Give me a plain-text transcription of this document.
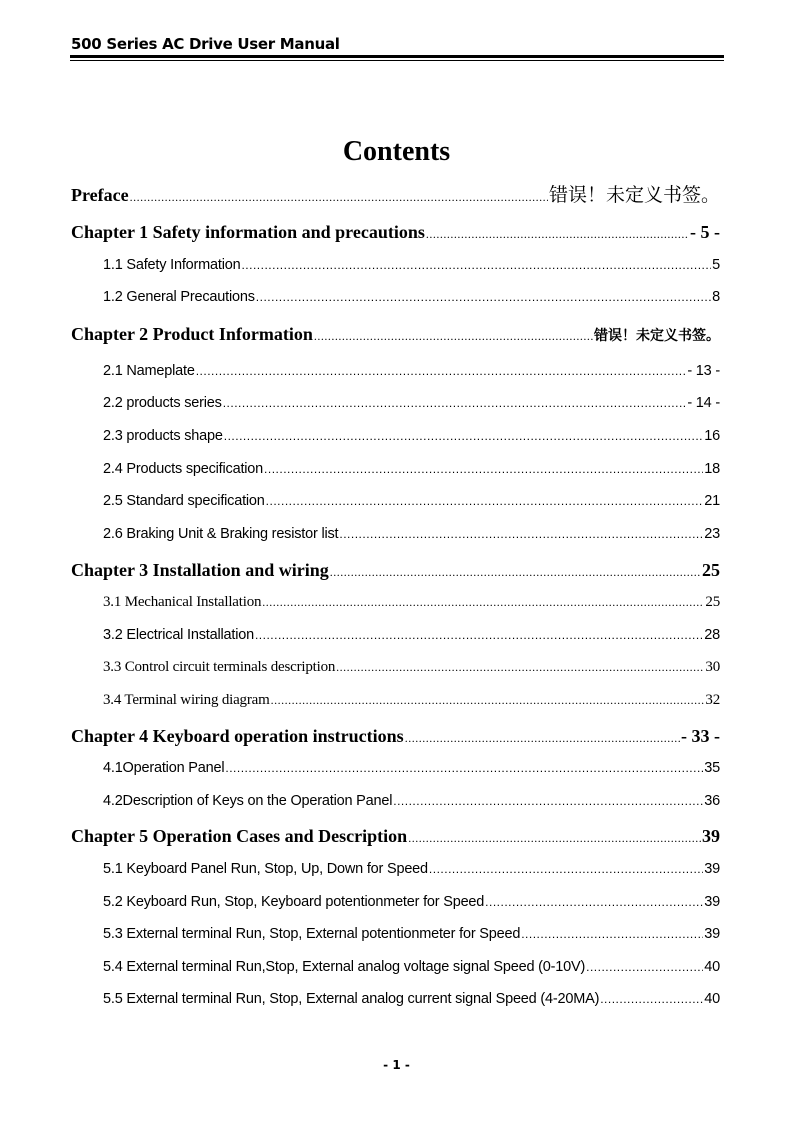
500 Series AC Drive User Manual
Contents
Preface .....	错误！未定义书签。
Chapter 1 Safety information and precautions .....	- 5 -
1.1 Safety Information .....	5
1.2 General Precautions .....	8
Chapter 2 Product Information .....	错误！未定义书签。
2.1 Nameplate .....	- 13 -
2.2 products series .....	- 14 -
2.3 products shape .....	16
2.4 Products specification .....	18
2.5 Standard specification .....	21
2.6 Braking Unit & Braking resistor list .....	23
Chapter 3 Installation and wiring .....	25
3.1 Mechanical Installation .....	25
3.2 Electrical Installation .....	28
3.3 Control circuit terminals description .....	30
3.4 Terminal wiring diagram .....	32
Chapter 4 Keyboard operation instructions .....	- 33 -
4.1Operation Panel .....	35
4.2Description of Keys on the Operation Panel .....	36
Chapter 5 Operation Cases and Description .....	39
5.1 Keyboard Panel Run, Stop, Up, Down for Speed .....	39
5.2 Keyboard Run, Stop, Keyboard potentionmeter for Speed .....	39
5.3 External terminal Run, Stop, External potentionmeter for Speed .....	39
5.4 External terminal Run,Stop, External analog voltage signal Speed (0-10V) .....	40
5.5 External terminal Run, Stop, External analog current signal Speed (4-20MA) .....	40
- 1 -
